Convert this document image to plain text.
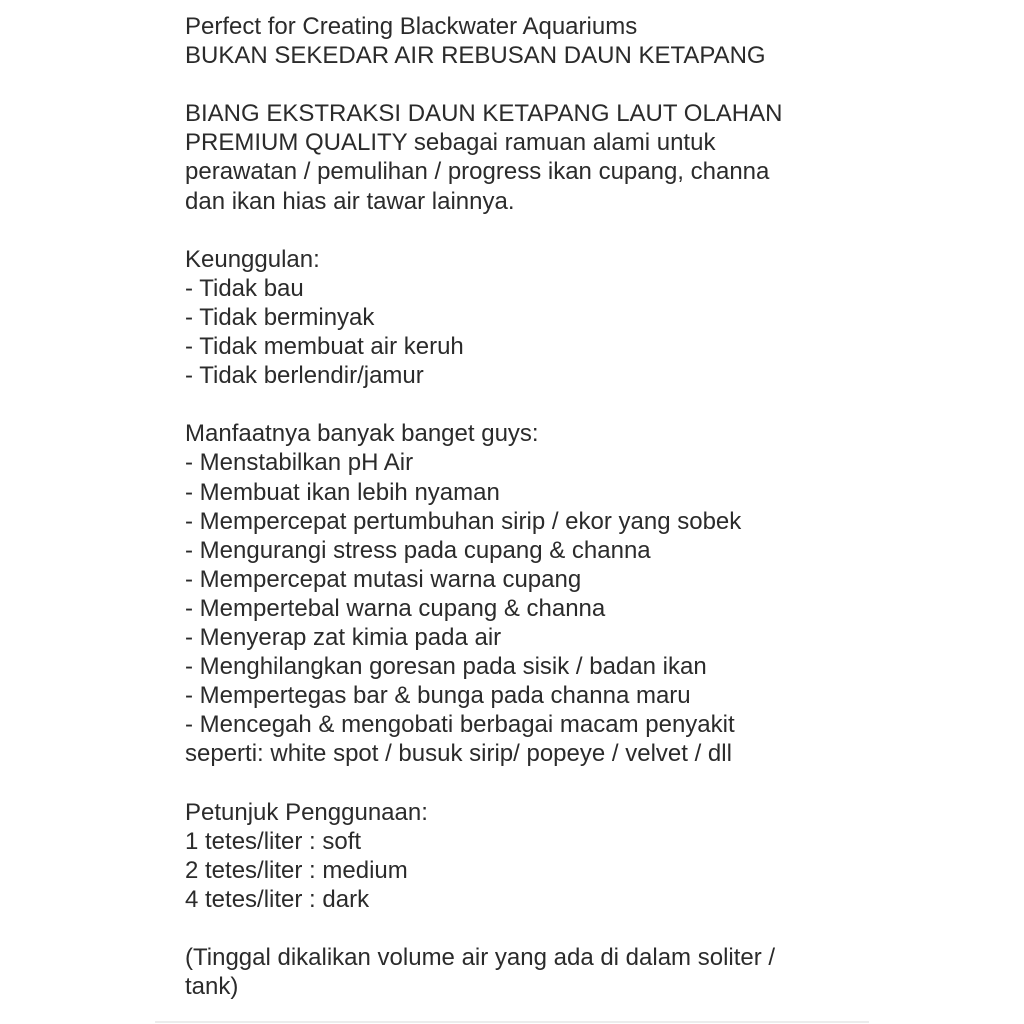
Perfect for Creating Blackwater Aquariums
BUKAN SEKEDAR AIR REBUSAN DAUN KETAPANG
BIANG EKSTRAKSI DAUN KETAPANG LAUT OLAHAN
PREMIUM QUALITY sebagai ramuan alami untuk
perawatan / pemulihan / progress ikan cupang, channa
dan ikan hias air tawar lainnya.
Keunggulan:
- Tidak bau
- Tidak berminyak
- Tidak membuat air keruh
- Tidak berlendir/jamur
Manfaatnya banyak banget guys:
- Menstabilkan pH Air
- Membuat ikan lebih nyaman
- Mempercepat pertumbuhan sirip / ekor yang sobek
- Mengurangi stress pada cupang & channa
- Mempercepat mutasi warna cupang
- Mempertebal warna cupang & channa
- Menyerap zat kimia pada air
- Menghilangkan goresan pada sisik / badan ikan
- Mempertegas bar & bunga pada channa maru
- Mencegah & mengobati berbagai macam penyakit
seperti: white spot / busuk sirip/ popeye / velvet / dll
Petunjuk Penggunaan:
1 tetes/liter : soft
2 tetes/liter : medium
4 tetes/liter : dark
(Tinggal dikalikan volume air yang ada di dalam soliter /
tank)
